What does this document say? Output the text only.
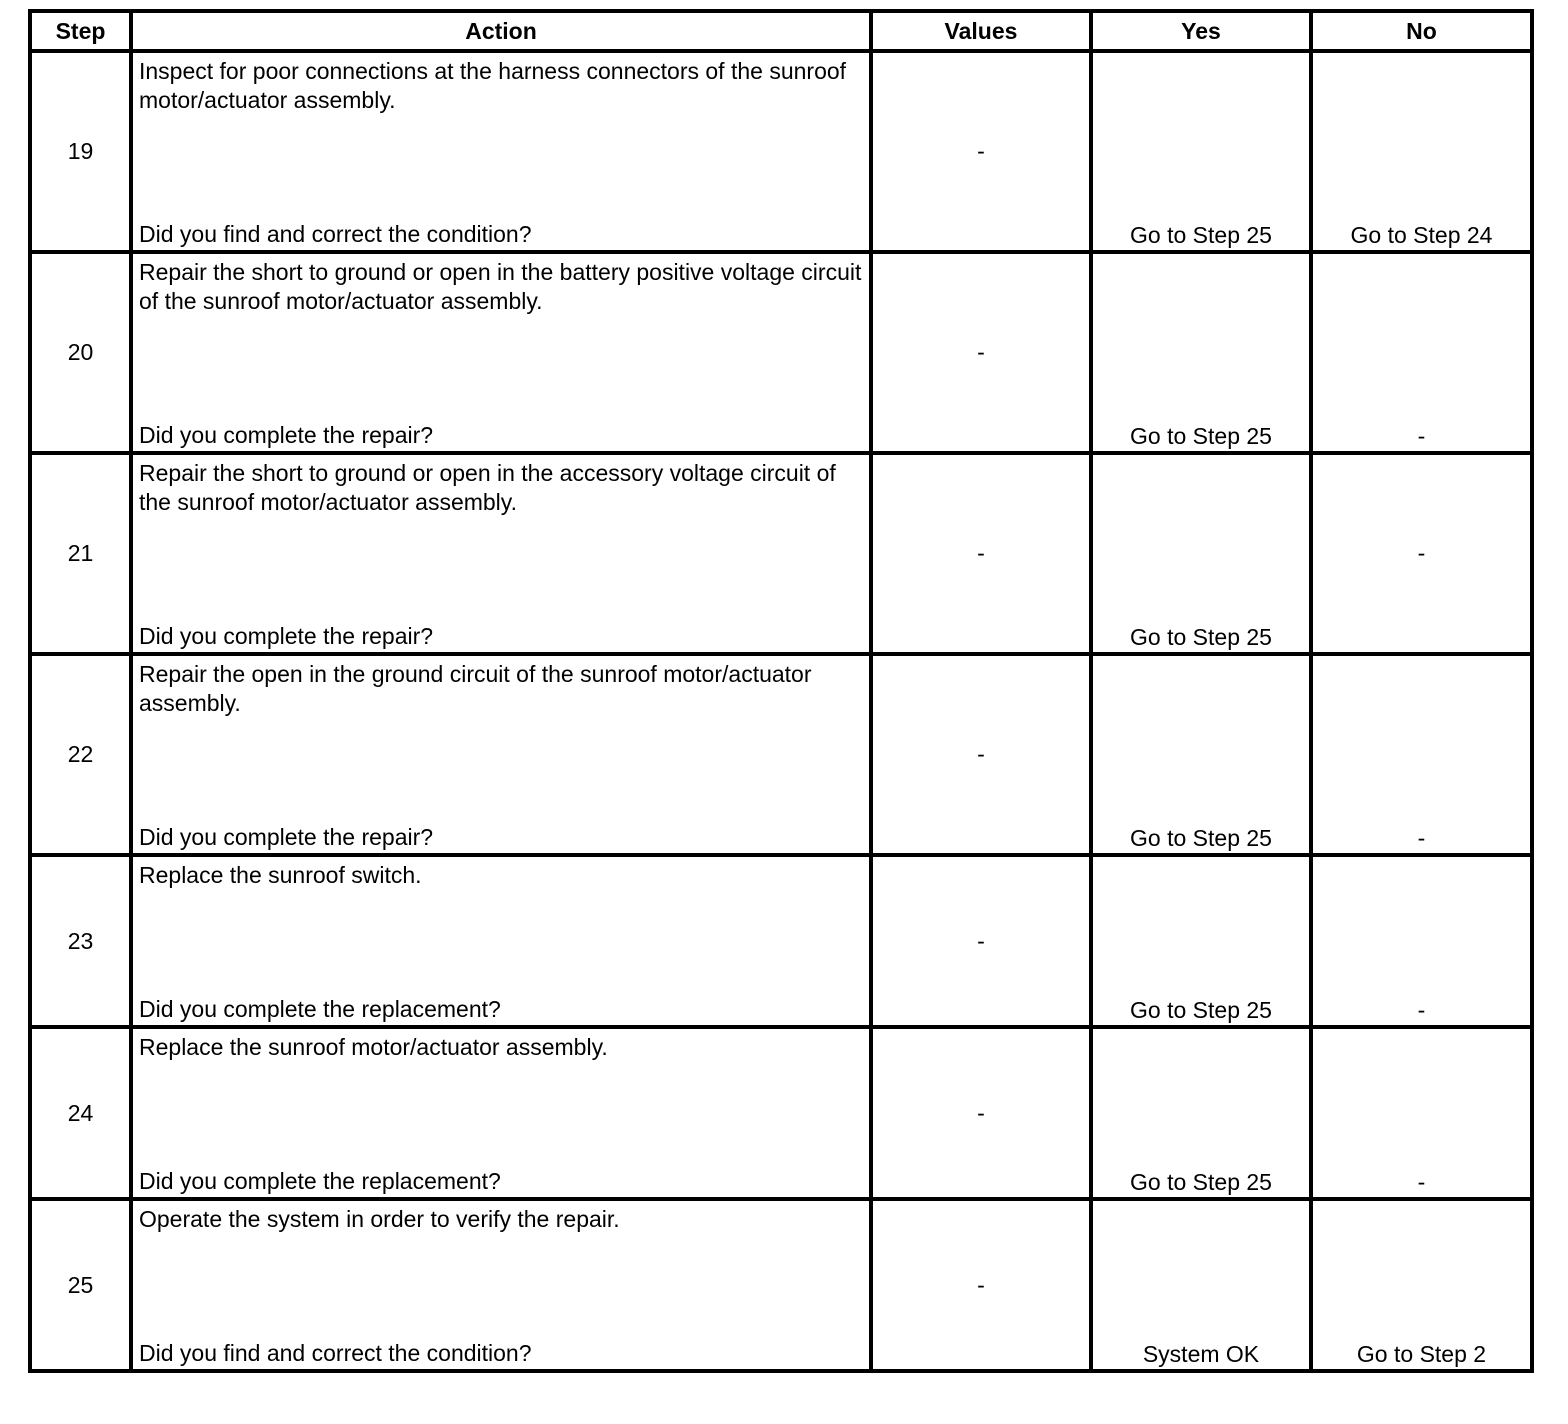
Step	Action	Values	Yes	No
19	Inspect for poor connections at the harness connectors of the sunroof motor/actuator assembly.
Did you find and correct the condition?	-	Go to Step 25	Go to Step 24
20	Repair the short to ground or open in the battery positive voltage circuit of the sunroof motor/actuator assembly.
Did you complete the repair?	-	Go to Step 25	-
21	Repair the short to ground or open in the accessory voltage circuit of the sunroof motor/actuator assembly.
Did you complete the repair?	-	Go to Step 25	-
22	Repair the open in the ground circuit of the sunroof motor/actuator assembly.
Did you complete the repair?	-	Go to Step 25	-
23	Replace the sunroof switch.
Did you complete the replacement?	-	Go to Step 25	-
24	Replace the sunroof motor/actuator assembly.
Did you complete the replacement?	-	Go to Step 25	-
25	Operate the system in order to verify the repair.
Did you find and correct the condition?	-	System OK	Go to Step 2
